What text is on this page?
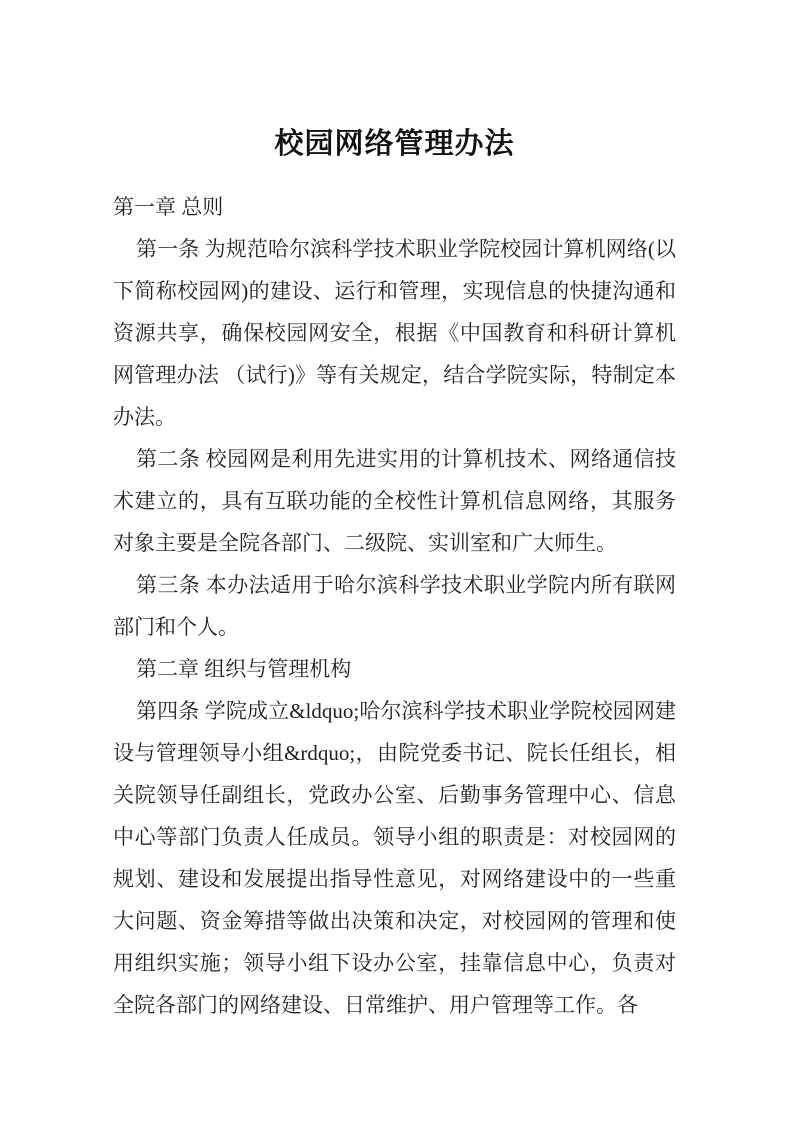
校园网络管理办法

第一章 总则

第一条 为规范哈尔滨科学技术职业学院校园计算机网络(以下简称校园网)的建设、运行和管理，实现信息的快捷沟通和资源共享，确保校园网安全，根据《中国教育和科研计算机网管理办法 （试行)》等有关规定，结合学院实际，特制定本办法。

第二条 校园网是利用先进实用的计算机技术、网络通信技术建立的，具有互联功能的全校性计算机信息网络，其服务对象主要是全院各部门、二级院、实训室和广大师生。

第三条 本办法适用于哈尔滨科学技术职业学院内所有联网部门和个人。

第二章 组织与管理机构

第四条 学院成立&ldquo;哈尔滨科学技术职业学院校园网建设与管理领导小组&rdquo;，由院党委书记、院长任组长，相关院领导任副组长，党政办公室、后勤事务管理中心、信息中心等部门负责人任成员。领导小组的职责是：对校园网的规划、建设和发展提出指导性意见，对网络建设中的一些重大问题、资金筹措等做出决策和决定，对校园网的管理和使用组织实施；领导小组下设办公室，挂靠信息中心，负责对全院各部门的网络建设、日常维护、用户管理等工作。各
